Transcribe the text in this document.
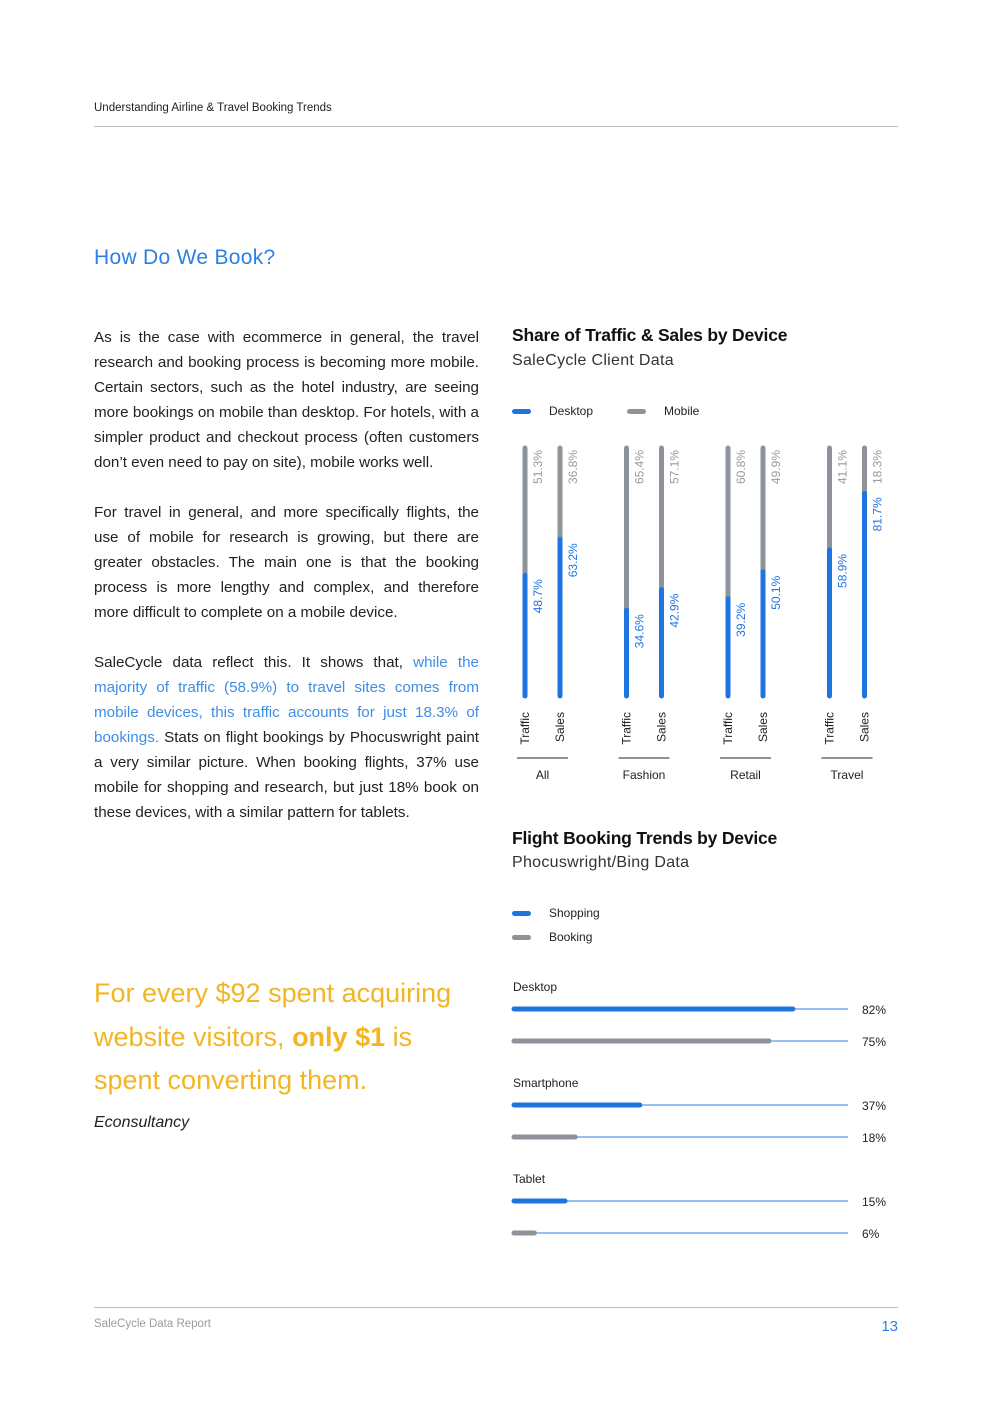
Understanding Airline & Travel Booking Trends
How Do We Book?

As is the case with ecommerce in general, the travel research and booking process is becoming more mobile. Certain sectors, such as the hotel industry, are seeing more bookings on mobile than desktop. For hotels, with a simpler product and checkout process (often customers don’t even need to pay on site), mobile works well.

For travel in general, and more specifically flights, the use of mobile for research is growing, but there are greater obstacles. The main one is that the booking process is more lengthy and complex, and therefore more difficult to complete on a mobile device.

SaleCycle data reflect this. It shows that, while the majority of traffic (58.9%) to travel sites comes from mobile devices, this traffic accounts for just 18.3% of bookings. Stats on flight bookings by Phocuswright paint a very similar picture. When booking flights, 37% use mobile for shopping and research, but just 18% book on these devices, with a similar pattern for tablets.

For every $92 spent acquiring website visitors, only $1 is spent converting them.
Econsultancy
Share of Traffic & Sales by Device
SaleCycle Client Data
Desktop	Mobile
51.3%
48.7%
Traffic
36.8%
63.2%
Sales
All
65.4%
34.6%
Traffic
57.1%
42.9%
Sales
Fashion
60.8%
39.2%
Traffic
49.9%
50.1%
Sales
Retail
41.1%
58.9%
Traffic
18.3%
81.7%
Sales
Travel
Flight Booking Trends by Device
Phocuswright/Bing Data
Shopping
Booking
Desktop
82%
75%
Smartphone
37%
18%
Tablet
15%
6%
SaleCycle Data Report	13
